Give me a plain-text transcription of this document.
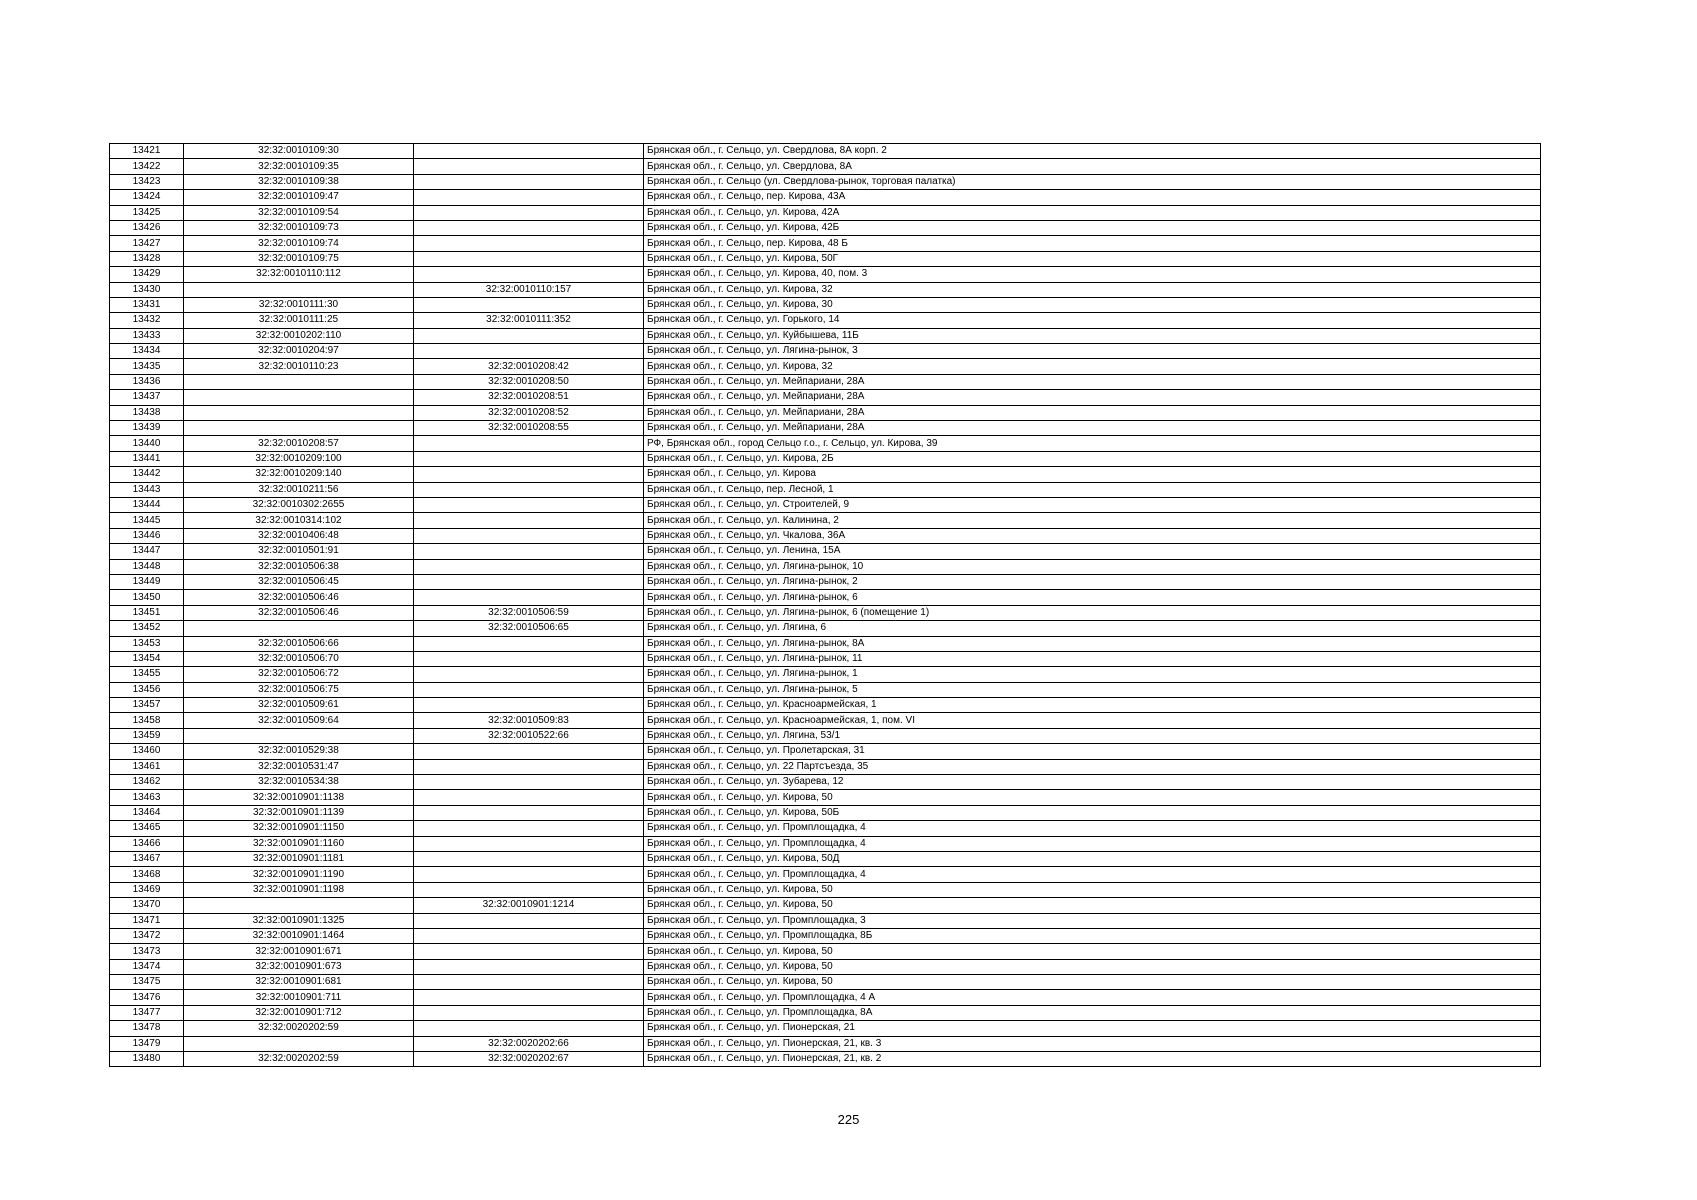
13421	32:32:0010109:30		Брянская обл., г. Сельцо, ул. Свердлова, 8А корп. 2
13422	32:32:0010109:35		Брянская обл., г. Сельцо, ул. Свердлова, 8А
13423	32:32:0010109:38		Брянская обл., г. Сельцо (ул. Свердлова-рынок, торговая палатка)
13424	32:32:0010109:47		Брянская обл., г. Сельцо, пер. Кирова, 43А
13425	32:32:0010109:54		Брянская обл., г. Сельцо, ул. Кирова, 42А
13426	32:32:0010109:73		Брянская обл., г. Сельцо, ул. Кирова, 42Б
13427	32:32:0010109:74		Брянская обл., г. Сельцо, пер. Кирова, 48 Б
13428	32:32:0010109:75		Брянская обл., г. Сельцо, ул. Кирова, 50Г
13429	32:32:0010110:112		Брянская обл., г. Сельцо, ул. Кирова, 40, пом. 3
13430		32:32:0010110:157	Брянская обл., г. Сельцо, ул. Кирова, 32
13431	32:32:0010111:30		Брянская обл., г. Сельцо, ул. Кирова, 30
13432	32:32:0010111:25	32:32:0010111:352	Брянская обл., г. Сельцо, ул. Горького, 14
13433	32:32:0010202:110		Брянская обл., г. Сельцо, ул. Куйбышева, 11Б
13434	32:32:0010204:97		Брянская обл., г. Сельцо, ул. Лягина-рынок, 3
13435	32:32:0010110:23	32:32:0010208:42	Брянская обл., г. Сельцо, ул. Кирова, 32
13436		32:32:0010208:50	Брянская обл., г. Сельцо, ул. Мейпариани, 28А
13437		32:32:0010208:51	Брянская обл., г. Сельцо, ул. Мейпариани, 28А
13438		32:32:0010208:52	Брянская обл., г. Сельцо, ул. Мейпариани, 28А
13439		32:32:0010208:55	Брянская обл., г. Сельцо, ул. Мейпариани, 28А
13440	32:32:0010208:57		РФ, Брянская обл., город Сельцо г.о., г. Сельцо, ул. Кирова, 39
13441	32:32:0010209:100		Брянская обл., г. Сельцо, ул. Кирова, 2Б
13442	32:32:0010209:140		Брянская обл., г. Сельцо, ул. Кирова
13443	32:32:0010211:56		Брянская обл., г. Сельцо, пер. Лесной, 1
13444	32:32:0010302:2655		Брянская обл., г. Сельцо, ул. Строителей, 9
13445	32:32:0010314:102		Брянская обл., г. Сельцо, ул. Калинина, 2
13446	32:32:0010406:48		Брянская обл., г. Сельцо, ул. Чкалова, 36А
13447	32:32:0010501:91		Брянская обл., г. Сельцо, ул. Ленина, 15А
13448	32:32:0010506:38		Брянская обл., г. Сельцо, ул. Лягина-рынок, 10
13449	32:32:0010506:45		Брянская обл., г. Сельцо, ул. Лягина-рынок, 2
13450	32:32:0010506:46		Брянская обл., г. Сельцо, ул. Лягина-рынок, 6
13451	32:32:0010506:46	32:32:0010506:59	Брянская обл., г. Сельцо, ул. Лягина-рынок, 6 (помещение 1)
13452		32:32:0010506:65	Брянская обл., г. Сельцо, ул. Лягина, 6
13453	32:32:0010506:66		Брянская обл., г. Сельцо, ул. Лягина-рынок, 8А
13454	32:32:0010506:70		Брянская обл., г. Сельцо, ул. Лягина-рынок, 11
13455	32:32:0010506:72		Брянская обл., г. Сельцо, ул. Лягина-рынок, 1
13456	32:32:0010506:75		Брянская обл., г. Сельцо, ул. Лягина-рынок, 5
13457	32:32:0010509:61		Брянская обл., г. Сельцо, ул. Красноармейская, 1
13458	32:32:0010509:64	32:32:0010509:83	Брянская обл., г. Сельцо, ул. Красноармейская, 1, пом. VI
13459		32:32:0010522:66	Брянская обл., г. Сельцо, ул. Лягина, 53/1
13460	32:32:0010529:38		Брянская обл., г. Сельцо, ул. Пролетарская, 31
13461	32:32:0010531:47		Брянская обл., г. Сельцо, ул. 22 Партсъезда, 35
13462	32:32:0010534:38		Брянская обл., г. Сельцо, ул. Зубарева, 12
13463	32:32:0010901:1138		Брянская обл., г. Сельцо, ул. Кирова, 50
13464	32:32:0010901:1139		Брянская обл., г. Сельцо, ул. Кирова, 50Б
13465	32:32:0010901:1150		Брянская обл., г. Сельцо, ул. Промплощадка, 4
13466	32:32:0010901:1160		Брянская обл., г. Сельцо, ул. Промплощадка, 4
13467	32:32:0010901:1181		Брянская обл., г. Сельцо, ул. Кирова, 50Д
13468	32:32:0010901:1190		Брянская обл., г. Сельцо, ул. Промплощадка, 4
13469	32:32:0010901:1198		Брянская обл., г. Сельцо, ул. Кирова, 50
13470		32:32:0010901:1214	Брянская обл., г. Сельцо, ул. Кирова, 50
13471	32:32:0010901:1325		Брянская обл., г. Сельцо, ул. Промплощадка, 3
13472	32:32:0010901:1464		Брянская обл., г. Сельцо, ул. Промплощадка, 8Б
13473	32:32:0010901:671		Брянская обл., г. Сельцо, ул. Кирова, 50
13474	32:32:0010901:673		Брянская обл., г. Сельцо, ул. Кирова, 50
13475	32:32:0010901:681		Брянская обл., г. Сельцо, ул. Кирова, 50
13476	32:32:0010901:711		Брянская обл., г. Сельцо, ул. Промплощадка, 4 А
13477	32:32:0010901:712		Брянская обл., г. Сельцо, ул. Промплощадка, 8А
13478	32:32:0020202:59		Брянская обл., г. Сельцо, ул. Пионерская, 21
13479		32:32:0020202:66	Брянская обл., г. Сельцо, ул. Пионерская, 21, кв. 3
13480	32:32:0020202:59	32:32:0020202:67	Брянская обл., г. Сельцо, ул. Пионерская, 21, кв. 2
225
